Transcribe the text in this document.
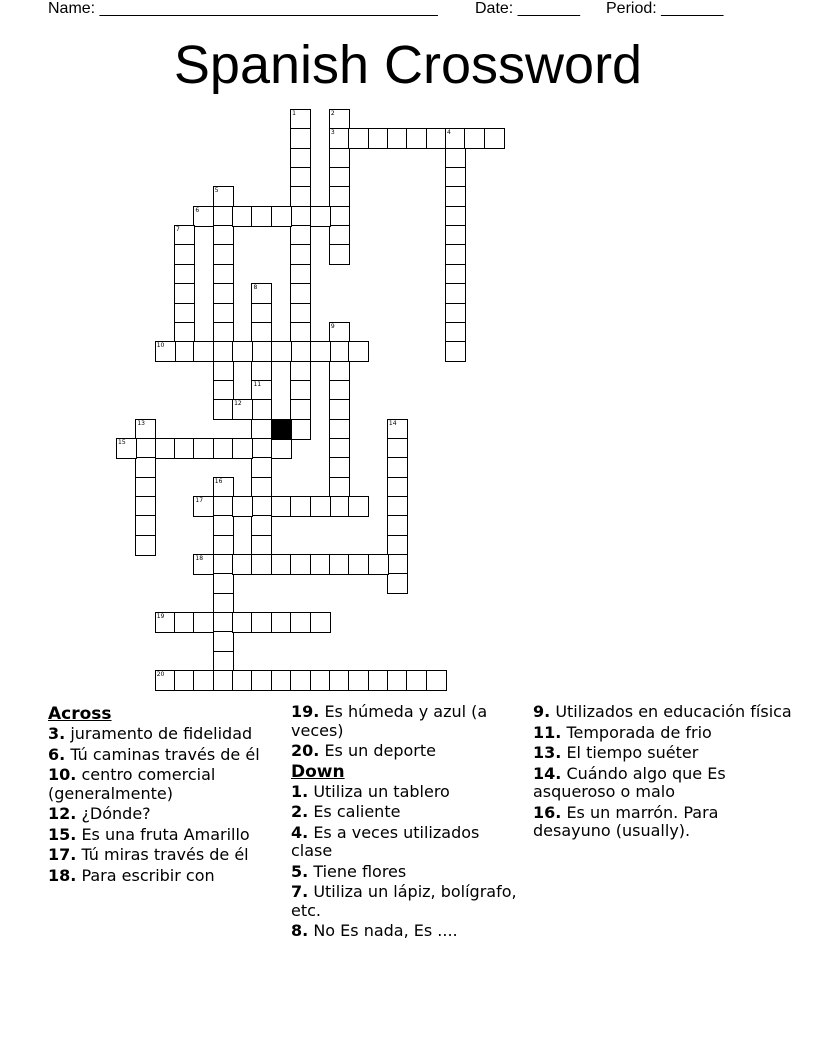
Name: ______________________________________ Date: _______ Period: _______
Spanish Crossword
1	2
3	4
5
6
7
8
9
10
11
12
13	14
15
16
17
18
19
20
Across
3. juramento de fidelidad
6. Tú caminas través de él
10. centro comercial (generalmente)
12. ¿Dónde?
15. Es una fruta Amarillo
17. Tú miras través de él
18. Para escribir con
19. Es húmeda y azul (a veces)
20. Es un deporte
Down
1. Utiliza un tablero
2. Es caliente
4. Es a veces utilizados clase
5. Tiene flores
7. Utiliza un lápiz, bolígrafo, etc.
8. No Es nada, Es ....
9. Utilizados en educación física
11. Temporada de frio
13. El tiempo suéter
14. Cuándo algo que Es asqueroso o malo
16. Es un marrón. Para desayuno (usually).
